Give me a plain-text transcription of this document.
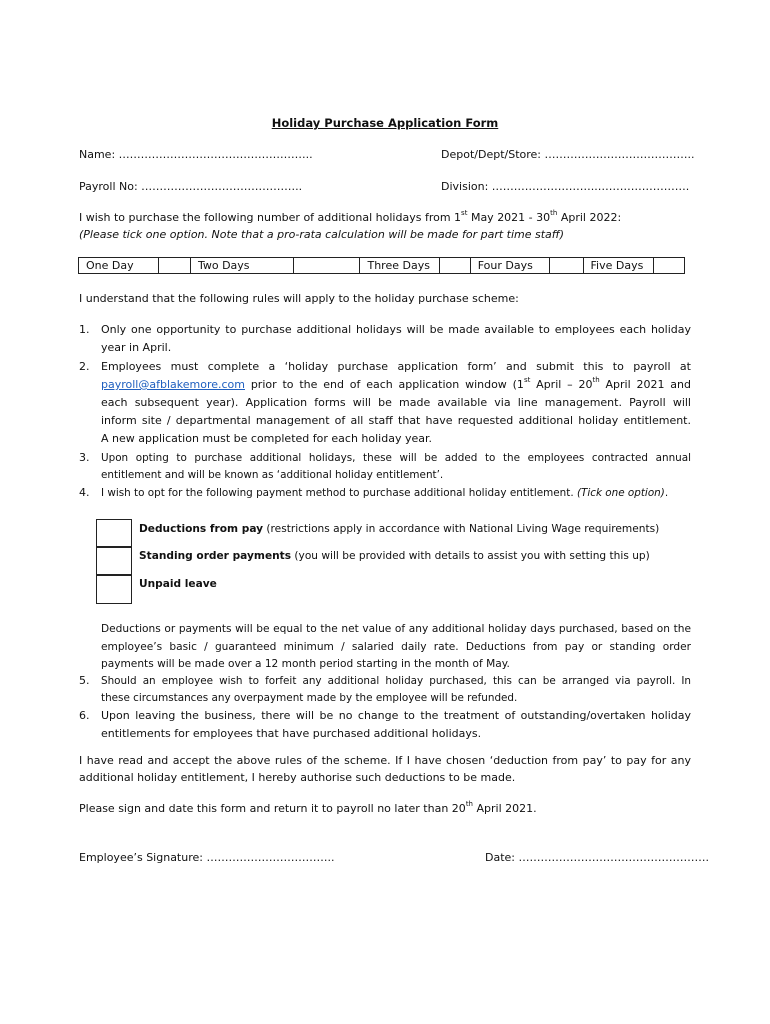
Holiday Purchase Application Form
Name: ……………………………………………..	Depot/Dept/Store: …………………………………..
Payroll No: ……………………………………..	Division: ………………………..…………………….
I wish to purchase the following number of additional holidays from 1st May 2021 - 30th April 2022:
(Please tick one option. Note that a pro-rata calculation will be made for part time staff)
One Day	Two Days	Three Days	Four Days	Five Days
I understand that the following rules will apply to the holiday purchase scheme:
1. Only one opportunity to purchase additional holidays will be made available to employees each holiday
year in April.
2. Employees must complete a ‘holiday purchase application form’ and submit this to payroll at
payroll@afblakemore.com prior to the end of each application window (1st April – 20th April 2021 and
each subsequent year). Application forms will be made available via line management. Payroll will
inform site / departmental management of all staff that have requested additional holiday entitlement.
A new application must be completed for each holiday year.
3. Upon opting to purchase additional holidays, these will be added to the employees contracted annual
entitlement and will be known as ‘additional holiday entitlement’.
4. I wish to opt for the following payment method to purchase additional holiday entitlement. (Tick one option).
Deductions from pay (restrictions apply in accordance with National Living Wage requirements)
Standing order payments (you will be provided with details to assist you with setting this up)
Unpaid leave
Deductions or payments will be equal to the net value of any additional holiday days purchased, based on the
employee’s basic / guaranteed minimum / salaried daily rate. Deductions from pay or standing order
payments will be made over a 12 month period starting in the month of May.
5. Should an employee wish to forfeit any additional holiday purchased, this can be arranged via payroll. In
these circumstances any overpayment made by the employee will be refunded.
6. Upon leaving the business, there will be no change to the treatment of outstanding/overtaken holiday
entitlements for employees that have purchased additional holidays.
I have read and accept the above rules of the scheme. If I have chosen ‘deduction from pay’ to pay for any
additional holiday entitlement, I hereby authorise such deductions to be made.
Please sign and date this form and return it to payroll no later than 20th April 2021.
Employee’s Signature: ……………………………..	Date: …………………………………………….
